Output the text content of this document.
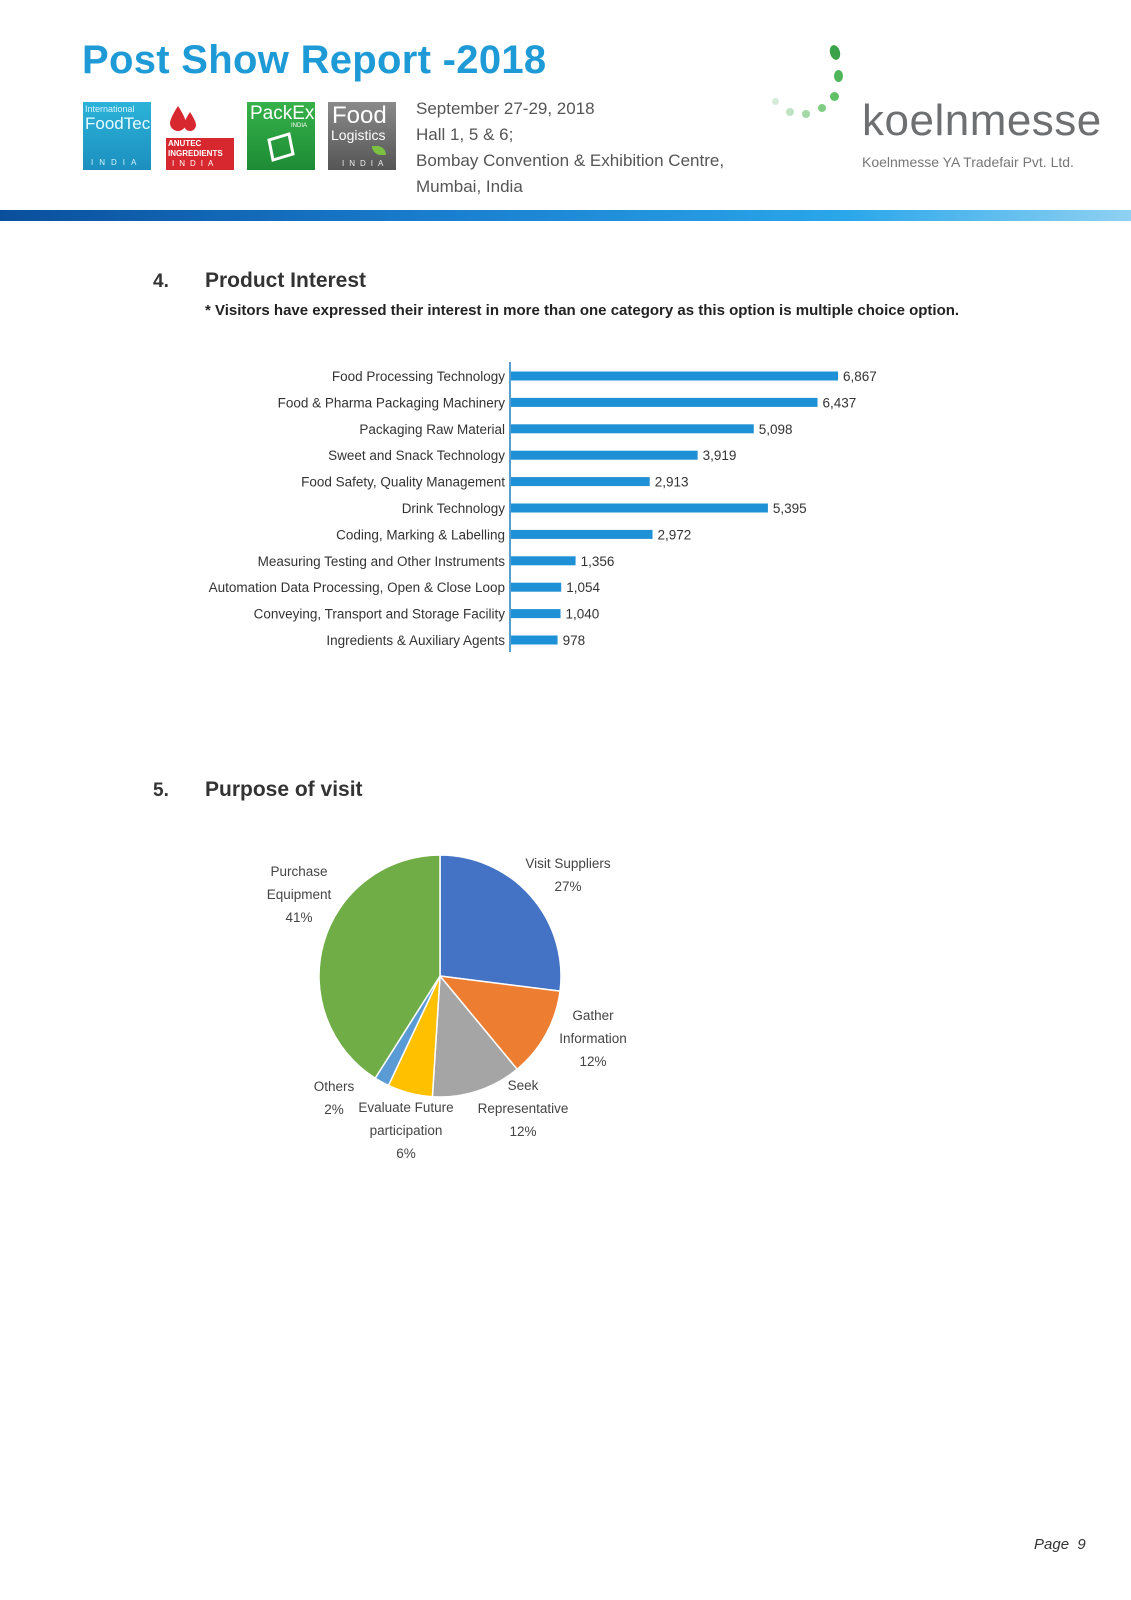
Post Show Report -2018
International
FoodTec
INDIA
ANUTEC
INGREDIENTS
INDIA
PackEx
INDIA Food
Logistics
INDIA
September 27-29, 2018
Hall 1, 5 & 6;
Bombay Convention & Exhibition Centre,
Mumbai, India
koelnmesse
Koelnmesse YA Tradefair Pvt. Ltd.
4. Product Interest
* Visitors have expressed their interest in more than one category as this option is multiple choice option.
Food Processing Technology	6,867
Food & Pharma Packaging Machinery	6,437
Packaging Raw Material	5,098
Sweet and Snack Technology	3,919
Food Safety, Quality Management	2,913
Drink Technology	5,395
Coding, Marking & Labelling	2,972
Measuring Testing and Other Instruments	1,356
Automation Data Processing, Open & Close Loop	1,054
Conveying, Transport and Storage Facility	1,040
Ingredients & Auxiliary Agents	978
5. Purpose of visit
Visit Suppliers 27%
Gather Information 12%
Seek Representative 12%
Evaluate Future participation 6%
Others 2%
Purchase Equipment 41%
Page 9
